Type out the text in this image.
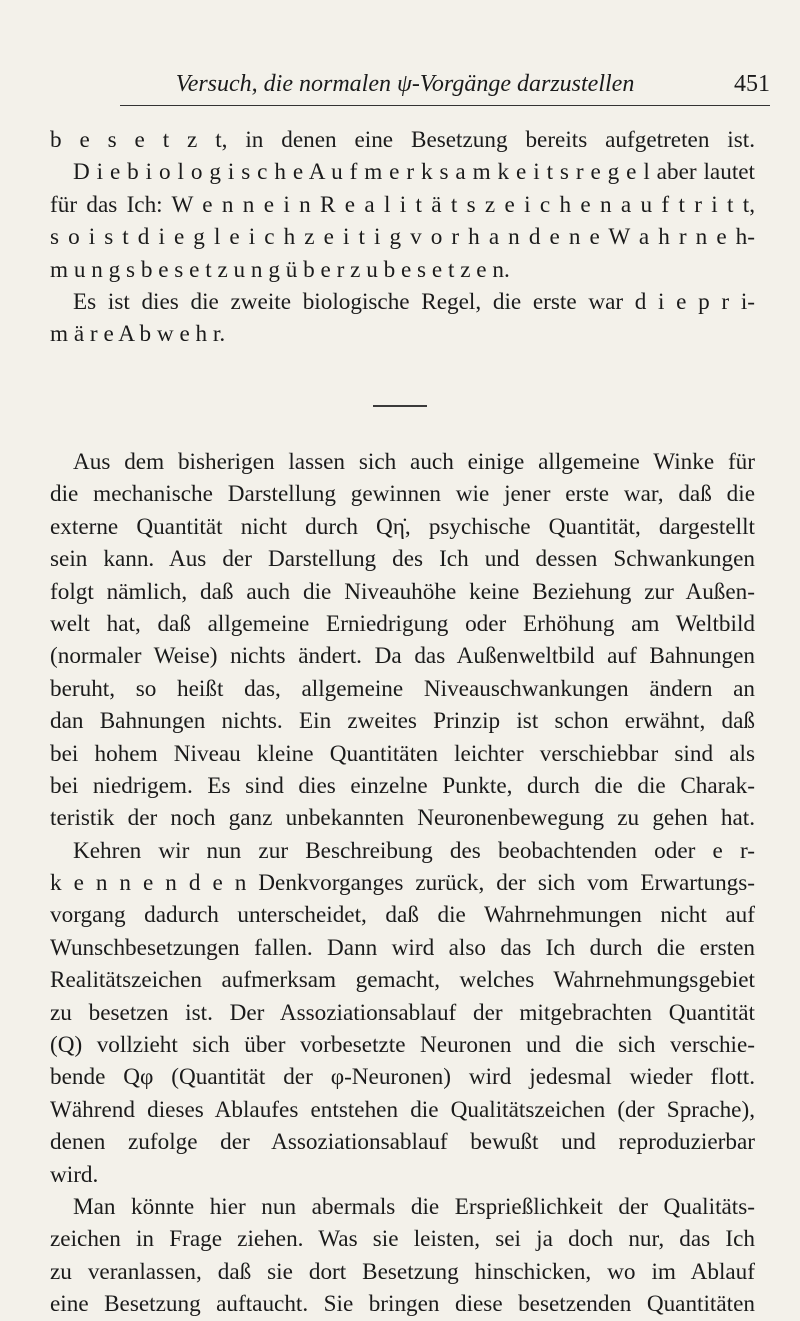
Versuch, die normalen ψ-Vorgänge darzustellen	451
b e s e t z t, in denen eine Besetzung bereits aufgetreten ist.
D i e b i o l o g i s c h e A u f m e r k s a m k e i t s r e g e l aber lautet
für das Ich: W e n n e i n R e a l i t ä t s z e i c h e n a u f t r i t t,
s o i s t d i e g l e i c h z e i t i g v o r h a n d e n e W a h r n e h-
m u n g s b e s e t z u n g ü b e r z u b e s e t z e n.
Es ist dies die zweite biologische Regel, die erste war d i e p r i-
m ä r e A b w e h r.
Aus dem bisherigen lassen sich auch einige allgemeine Winke für
die mechanische Darstellung gewinnen wie jener erste war, daß die
externe Quantität nicht durch Qη̇, psychische Quantität, dargestellt
sein kann. Aus der Darstellung des Ich und dessen Schwankungen
folgt nämlich, daß auch die Niveauhöhe keine Beziehung zur Außen-
welt hat, daß allgemeine Erniedrigung oder Erhöhung am Weltbild
(normaler Weise) nichts ändert. Da das Außenweltbild auf Bahnungen
beruht, so heißt das, allgemeine Niveauschwankungen ändern an
dan Bahnungen nichts. Ein zweites Prinzip ist schon erwähnt, daß
bei hohem Niveau kleine Quantitäten leichter verschiebbar sind als
bei niedrigem. Es sind dies einzelne Punkte, durch die die Charak-
teristik der noch ganz unbekannten Neuronenbewegung zu gehen hat.
Kehren wir nun zur Beschreibung des beobachtenden oder e r-
k e n n e n d e n Denkvorganges zurück, der sich vom Erwartungs-
vorgang dadurch unterscheidet, daß die Wahrnehmungen nicht auf
Wunschbesetzungen fallen. Dann wird also das Ich durch die ersten
Realitätszeichen aufmerksam gemacht, welches Wahrnehmungsgebiet
zu besetzen ist. Der Assoziationsablauf der mitgebrachten Quantität
(Q) vollzieht sich über vorbesetzte Neuronen und die sich verschie-
bende Qφ (Quantität der φ-Neuronen) wird jedesmal wieder flott.
Während dieses Ablaufes entstehen die Qualitätszeichen (der Sprache),
denen zufolge der Assoziationsablauf bewußt und reproduzierbar
wird.
Man könnte hier nun abermals die Ersprießlichkeit der Qualitäts-
zeichen in Frage ziehen. Was sie leisten, sei ja doch nur, das Ich
zu veranlassen, daß sie dort Besetzung hinschicken, wo im Ablauf
eine Besetzung auftaucht. Sie bringen diese besetzenden Quantitäten
